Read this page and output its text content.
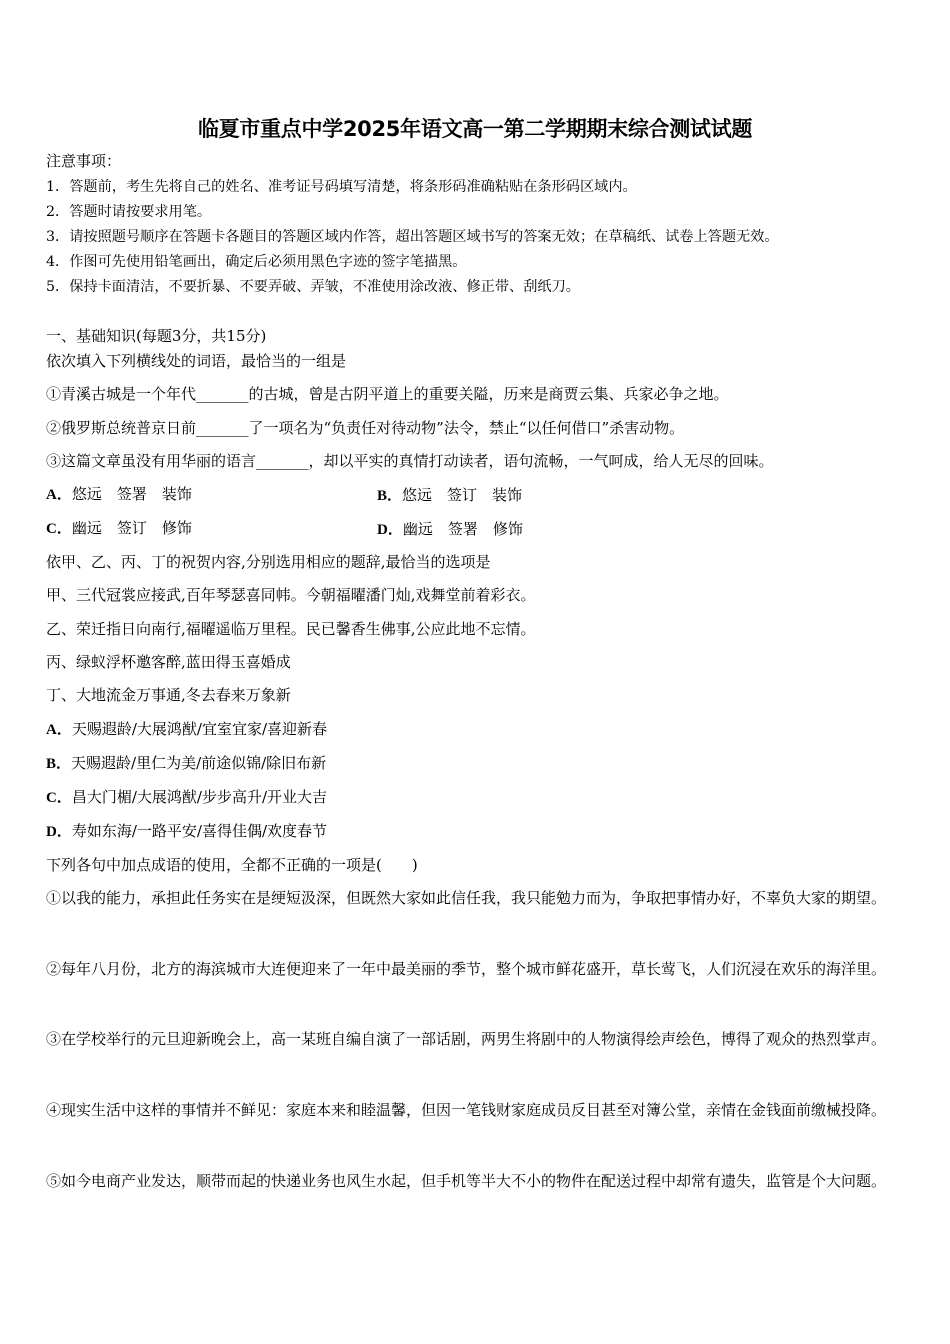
临夏市重点中学2025年语文高一第二学期期末综合测试试题
注意事项：
1．答题前，考生先将自己的姓名、准考证号码填写清楚，将条形码准确粘贴在条形码区域内。
2．答题时请按要求用笔。
3．请按照题号顺序在答题卡各题目的答题区域内作答，超出答题区域书写的答案无效；在草稿纸、试卷上答题无效。
4．作图可先使用铅笔画出，确定后必须用黑色字迹的签字笔描黑。
5．保持卡面清洁，不要折暴、不要弄破、弄皱，不准使用涂改液、修正带、刮纸刀。
一、基础知识(每题3分，共15分)
依次填入下列横线处的词语，最恰当的一组是
①青溪古城是一个年代_______的古城，曾是古阴平道上的重要关隘，历来是商贾云集、兵家必争之地。
②俄罗斯总统普京日前_______了一项名为“负责任对待动物”法令，禁止“以任何借口”杀害动物。
③这篇文章虽没有用华丽的语言_______，却以平实的真情打动读者，语句流畅，一气呵成，给人无尽的回味。
A．悠远　签署　装饰	B．悠远　签订　装饰
C．幽远　签订　修饰	D．幽远　签署　修饰
依甲、乙、丙、丁的祝贺内容,分别选用相应的题辞,最恰当的选项是
甲、三代冠裳应接武,百年琴瑟喜同帏。今朝福曜潘门灿,戏舞堂前着彩衣。
乙、荣迁指日向南行,福曜遥临万里程。民已馨香生佛事,公应此地不忘情。
丙、绿蚁浮杯邀客醉,蓝田得玉喜婚成
丁、大地流金万事通,冬去春来万象新
A．天赐遐龄/大展鸿猷/宜室宜家/喜迎新春
B．天赐遐龄/里仁为美/前途似锦/除旧布新
C．昌大门楣/大展鸿猷/步步高升/开业大吉
D．寿如东海/一路平安/喜得佳偶/欢度春节
下列各句中加点成语的使用，全都不正确的一项是(　　)
①以我的能力，承担此任务实在是绠短汲深，但既然大家如此信任我，我只能勉力而为，争取把事情办好，不辜负大家的期望。
②每年八月份，北方的海滨城市大连便迎来了一年中最美丽的季节，整个城市鲜花盛开，草长莺飞，人们沉浸在欢乐的海洋里。
③在学校举行的元旦迎新晚会上，高一某班自编自演了一部话剧，两男生将剧中的人物演得绘声绘色，博得了观众的热烈掌声。
④现实生活中这样的事情并不鲜见：家庭本来和睦温馨，但因一笔钱财家庭成员反目甚至对簿公堂，亲情在金钱面前缴械投降。
⑤如今电商产业发达，顺带而起的快递业务也风生水起，但手机等半大不小的物件在配送过程中却常有遗失，监管是个大问题。
